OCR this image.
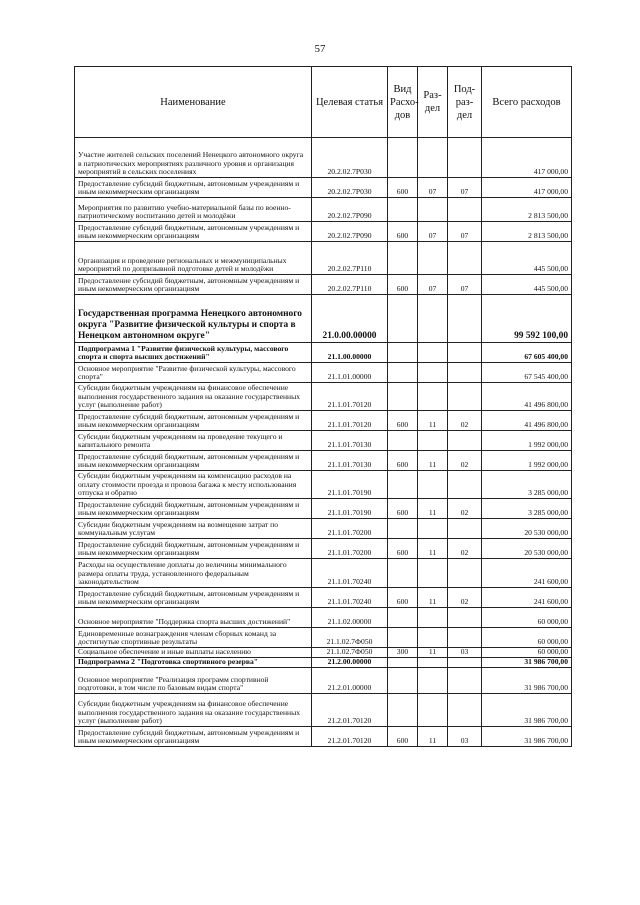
57
Наименование	Целевая статья	Вид Расхо- дов	Раз- дел	Под- раз- дел	Всего расходов
Участие жителей сельских поселений Ненецкого автономного округа в патриотических мероприятиях различного уровня и организация мероприятий в сельских поселениях	20.2.02.7Р030				417 000,00
Предоставление субсидий бюджетным, автономным учреждениям и иным некоммерческим организациям	20.2.02.7Р030	600	07	07	417 000,00
Мероприятия по развитию учебно-материальной базы по военно-патриотическому воспитанию детей и молодёжи	20.2.02.7Р090				2 813 500,00
Предоставление субсидий бюджетным, автономным учреждениям и иным некоммерческим организациям	20.2.02.7Р090	600	07	07	2 813 500,00
Организация и проведение региональных и межмуниципальных мероприятий по допризывной подготовке детей и молодёжи	20.2.02.7Р110				445 500,00
Предоставление субсидий бюджетным, автономным учреждениям и иным некоммерческим организациям	20.2.02.7Р110	600	07	07	445 500,00
Государственная программа Ненецкого автономного округа "Развитие физической культуры и спорта в Ненецком автономном округе"	21.0.00.00000				99 592 100,00
Подпрограмма 1 "Развитие физической культуры, массового спорта и спорта высших достижений"	21.1.00.00000				67 605 400,00
Основное мероприятие "Развитие физической культуры, массового спорта"	21.1.01.00000				67 545 400,00
Субсидии бюджетным учреждениям на финансовое обеспечение выполнения государственного задания на оказание государственных услуг (выполнение работ)	21.1.01.70120				41 496 800,00
Предоставление субсидий бюджетным, автономным учреждениям и иным некоммерческим организациям	21.1.01.70120	600	11	02	41 496 800,00
Субсидии бюджетным учреждениям на проведение текущего и капитального ремонта	21.1.01.70130				1 992 000,00
Предоставление субсидий бюджетным, автономным учреждениям и иным некоммерческим организациям	21.1.01.70130	600	11	02	1 992 000,00
Субсидии бюджетным учреждениям на компенсацию расходов на оплату стоимости проезда и провоза багажа к месту использования отпуска и обратно	21.1.01.70190				3 285 000,00
Предоставление субсидий бюджетным, автономным учреждениям и иным некоммерческим организациям	21.1.01.70190	600	11	02	3 285 000,00
Субсидии бюджетным учреждениям на возмещение затрат по коммунальным услугам	21.1.01.70200				20 530 000,00
Предоставление субсидий бюджетным, автономным учреждениям и иным некоммерческим организациям	21.1.01.70200	600	11	02	20 530 000,00
Расходы на осуществление доплаты до величины минимального размера оплаты труда, установленного федеральным законодательством	21.1.01.70240				241 600,00
Предоставление субсидий бюджетным, автономным учреждениям и иным некоммерческим организациям	21.1.01.70240	600	11	02	241 600,00
Основное мероприятие "Поддержка спорта высших достижений"	21.1.02.00000				60 000,00
Единовременные вознаграждения членам сборных команд за достигнутые спортивные результаты	21.1.02.7Ф050				60 000,00
Социальное обеспечение и иные выплаты населению	21.1.02.7Ф050	300	11	03	60 000,00
Подпрограмма 2 "Подготовка спортивного резерва"	21.2.00.00000				31 986 700,00
Основное мероприятие "Реализация программ спортивной подготовки, в том числе по базовым видам спорта"	21.2.01.00000				31 986 700,00
Субсидии бюджетным учреждениям на финансовое обеспечение выполнения государственного задания на оказание государственных услуг (выполнение работ)	21.2.01.70120				31 986 700,00
Предоставление субсидий бюджетным, автономным учреждениям и иным некоммерческим организациям	21.2.01.70120	600	11	03	31 986 700,00
